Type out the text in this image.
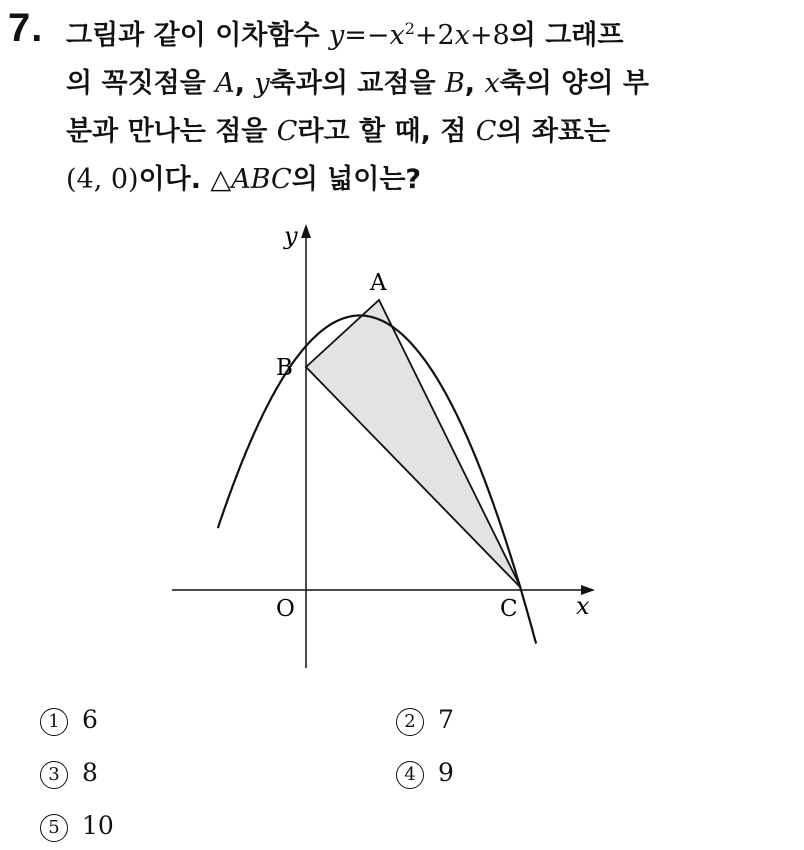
7. 그림과 같이 이차함수 $y=-x^2+2x+8$의 그래프
의 꼭짓점을 A, y축과의 교점을 B, x축의 양의 부
분과 만나는 점을 C라고 할 때, 점 C의 좌표는
(4, 0)이다. △ABC의 넓이는?
y
x
O
A
B
C
1 6	2 7
3 8	4 9
5 10
